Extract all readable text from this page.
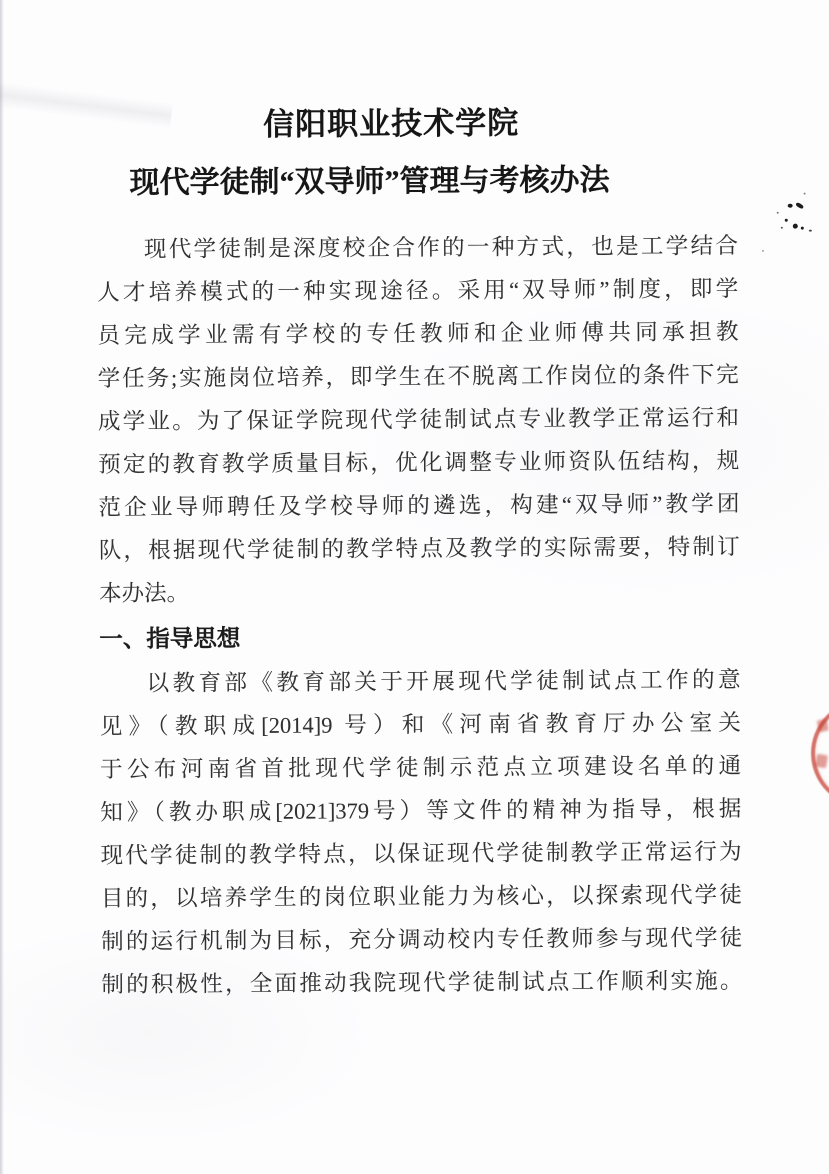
信阳职业技术学院
现代学徒制“双导师”管理与考核办法
现代学徒制是深度校企合作的一种方式，也是工学结合
人才培养模式的一种实现途径。采用“双导师”制度，即学
员完成学业需有学校的专任教师和企业师傅共同承担教
学任务;实施岗位培养，即学生在不脱离工作岗位的条件下完
成学业。为了保证学院现代学徒制试点专业教学正常运行和
预定的教育教学质量目标，优化调整专业师资队伍结构，规
范企业导师聘任及学校导师的遴选，构建“双导师”教学团
队，根据现代学徒制的教学特点及教学的实际需要，特制订
本办法。
一、指导思想
以教育部《教育部关于开展现代学徒制试点工作的意
见》（教职成[2014]9 号）和《河南省教育厅办公室关
于公布河南省首批现代学徒制示范点立项建设名单的通
知》（教办职成[2021]379号）等文件的精神为指导，根据
现代学徒制的教学特点，以保证现代学徒制教学正常运行为
目的，以培养学生的岗位职业能力为核心，以探索现代学徒
制的运行机制为目标，充分调动校内专任教师参与现代学徒
制的积极性，全面推动我院现代学徒制试点工作顺利实施。
